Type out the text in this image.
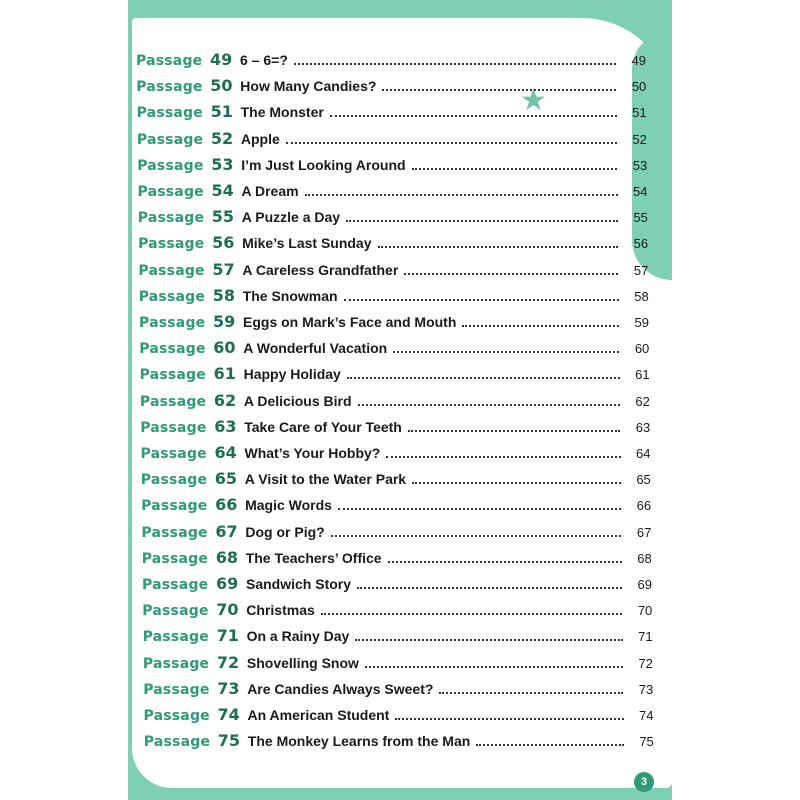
★
Passage 49 6 – 6=?	49
Passage 50 How Many Candies?	50
Passage 51 The Monster	51
Passage 52 Apple	52
Passage 53 I’m Just Looking Around	53
Passage 54 A Dream	54
Passage 55 A Puzzle a Day	55
Passage 56 Mike’s Last Sunday	56
Passage 57 A Careless Grandfather	57
Passage 58 The Snowman	58
Passage 59 Eggs on Mark’s Face and Mouth	59
Passage 60 A Wonderful Vacation	60
Passage 61 Happy Holiday	61
Passage 62 A Delicious Bird	62
Passage 63 Take Care of Your Teeth	63
Passage 64 What’s Your Hobby?	64
Passage 65 A Visit to the Water Park	65
Passage 66 Magic Words	66
Passage 67 Dog or Pig?	67
Passage 68 The Teachers’ Office	68
Passage 69 Sandwich Story	69
Passage 70 Christmas	70
Passage 71 On a Rainy Day	71
Passage 72 Shovelling Snow	72
Passage 73 Are Candies Always Sweet?	73
Passage 74 An American Student	74
Passage 75 The Monkey Learns from the Man	75
3
